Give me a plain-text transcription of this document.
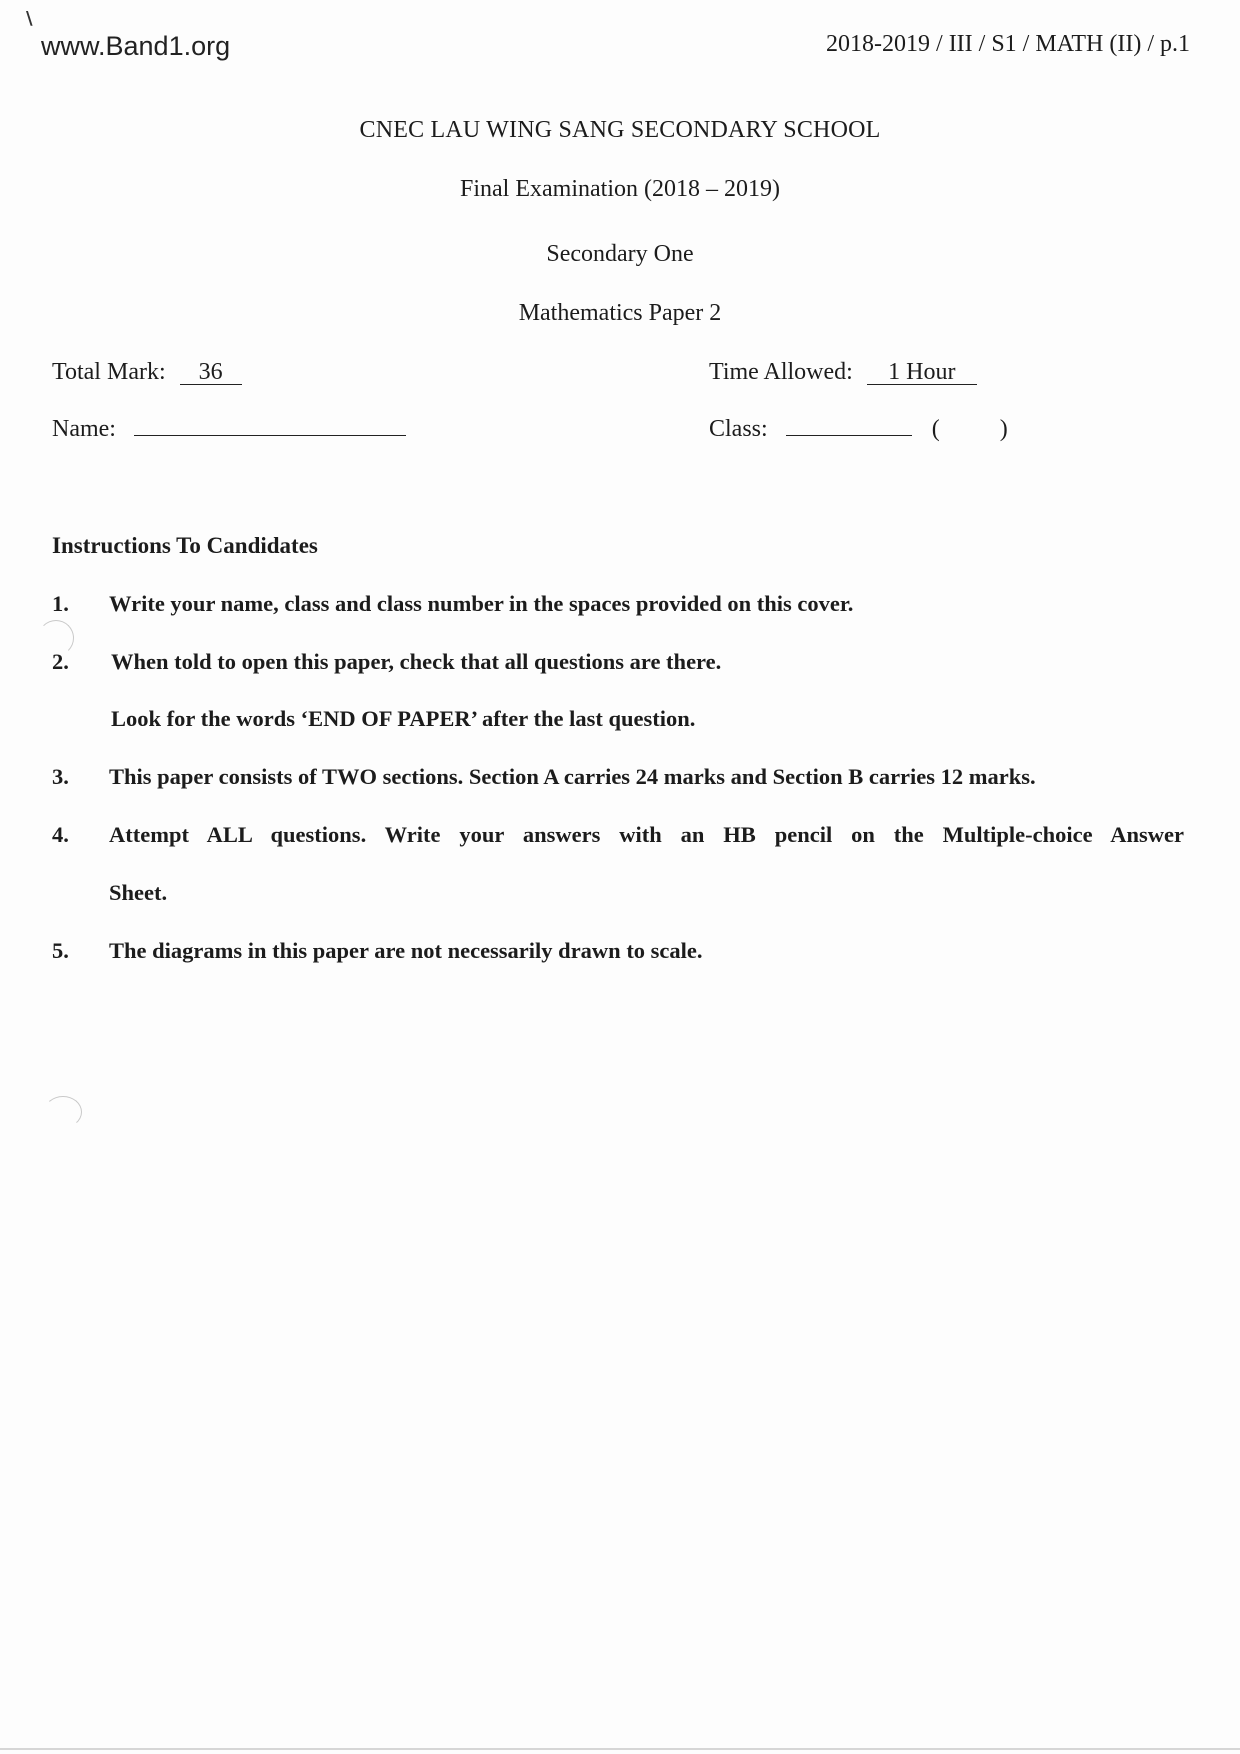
\
www.Band1.org	2018-2019 / III / S1 / MATH (II) / p.1
CNEC LAU WING SANG SECONDARY SCHOOL
Final Examination (2018 – 2019)
Secondary One
Mathematics Paper 2
Total Mark: 36	Time Allowed: 1 Hour
Name:	Class:	(	)
Instructions To Candidates
1. Write your name, class and class number in the spaces provided on this cover.
2. When told to open this paper, check that all questions are there.
Look for the words ‘END OF PAPER’ after the last question.
3. This paper consists of TWO sections. Section A carries 24 marks and Section B carries 12 marks.
4. Attempt ALL questions. Write your answers with an HB pencil on the Multiple-choice Answer
Sheet.
5. The diagrams in this paper are not necessarily drawn to scale.
